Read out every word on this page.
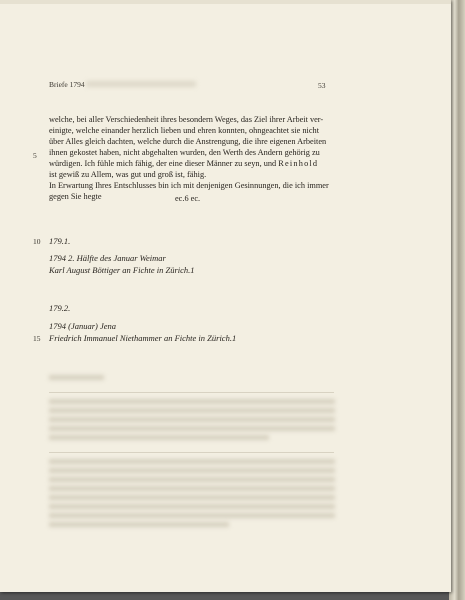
Briefe 1794	53
welche, bei aller Verschiedenheit ihres besondern Weges, das Ziel ihrer Arbeit ver-
einigte, welche einander herzlich lieben und ehren konnten, ohngeachtet sie nicht
über Alles gleich dachten, welche durch die Anstrengung, die ihre eigenen Arbeiten
ihnen gekostet haben, nicht abgehalten wurden, den Werth des Andern gehörig zu
5
würdigen. Ich fühle mich fähig, der eine dieser Männer zu seyn, und Reinhold
ist gewiß zu Allem, was gut und groß ist, fähig.
In Erwartung Ihres Entschlusses bin ich mit denjenigen Gesinnungen, die ich immer
gegen Sie hegte	ec.6 ec.
10 179.1.
1794 2. Hälfte des Januar Weimar
Karl August Böttiger an Fichte in Zürich.1
179.2.
1794 (Januar) Jena
15 Friedrich Immanuel Niethammer an Fichte in Zürich.1
